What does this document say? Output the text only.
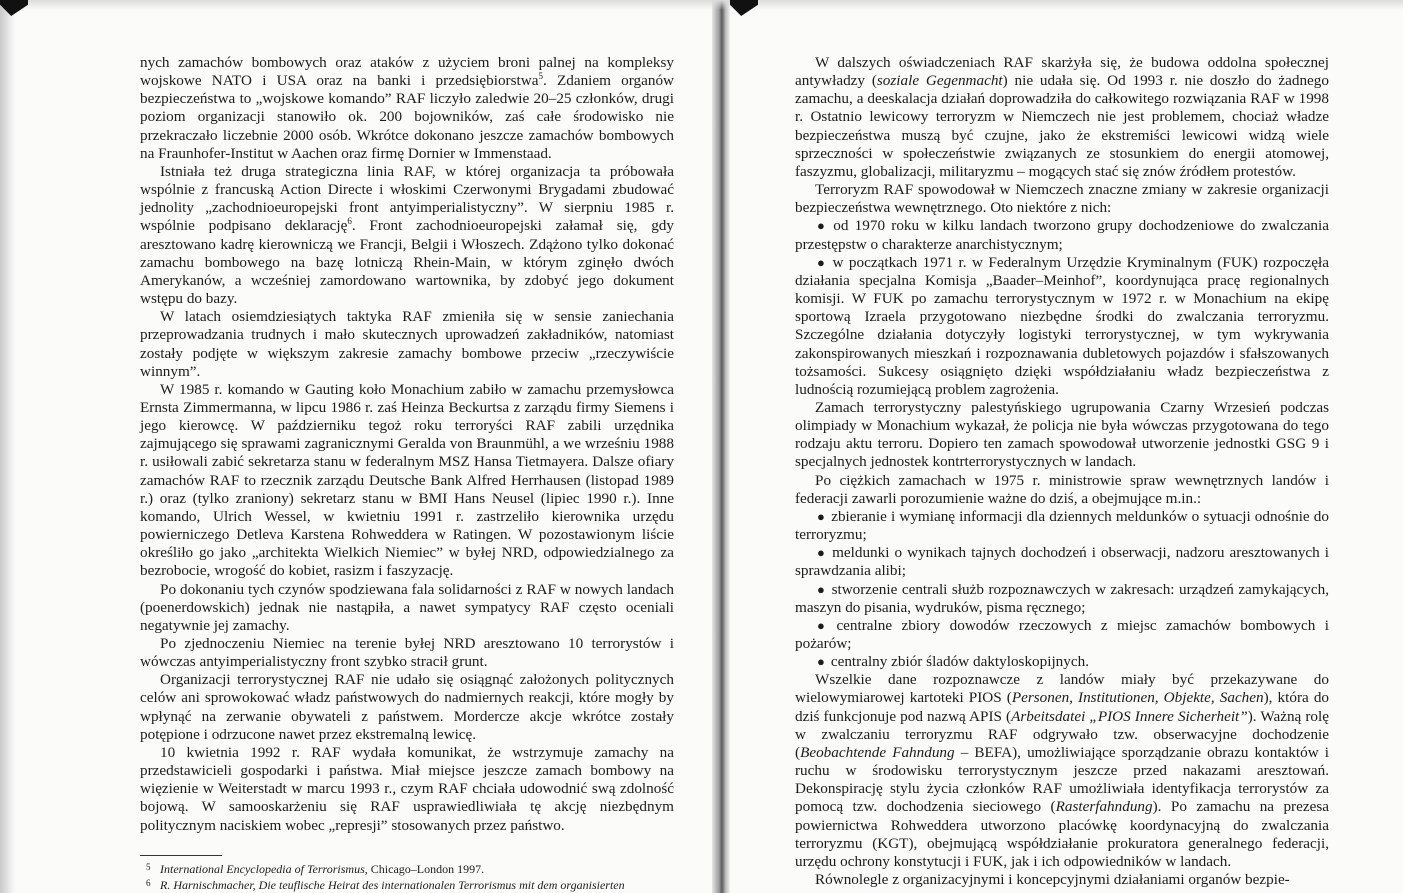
nych zamachów bombowych oraz ataków z użyciem broni palnej na kompleksy wojskowe NATO i USA oraz na banki i przedsiębiorstwa$^5$. Zdaniem organów bezpieczeństwa to „wojskowe komando” RAF liczyło zaledwie 20–25 członków, drugi poziom organizacji stanowiło ok. 200 bojowników, zaś całe środowisko nie przekraczało liczebnie 2000 osób. Wkrótce dokonano jeszcze zamachów bombowych na Fraunhofer-Institut w Aachen oraz firmę Dornier w Immenstaad.

Istniała też druga strategiczna linia RAF, w której organizacja ta próbowała wspólnie z francuską Action Directe i włoskimi Czerwonymi Brygadami zbudować jednolity „zachodnioeuropejski front antyimperialistyczny”. W sierpniu 1985 r. wspólnie podpisano deklarację$^6$. Front zachodnioeuropejski załamał się, gdy aresztowano kadrę kierowniczą we Francji, Belgii i Włoszech. Zdążono tylko dokonać zamachu bombowego na bazę lotniczą Rhein-Main, w którym zginęło dwóch Amerykanów, a wcześniej zamordowano wartownika, by zdobyć jego dokument wstępu do bazy.

W latach osiemdziesiątych taktyka RAF zmieniła się w sensie zaniechania przeprowadzania trudnych i mało skutecznych uprowadzeń zakładników, natomiast zostały podjęte w większym zakresie zamachy bombowe przeciw „rzeczywiście winnym”.

W 1985 r. komando w Gauting koło Monachium zabiło w zamachu przemysłowca Ernsta Zimmermanna, w lipcu 1986 r. zaś Heinza Beckurtsa z zarządu firmy Siemens i jego kierowcę. W październiku tegoż roku terroryści RAF zabili urzędnika zajmującego się sprawami zagranicznymi Geralda von Braunmühl, a we wrześniu 1988 r. usiłowali zabić sekretarza stanu w federalnym MSZ Hansa Tietmayera. Dalsze ofiary zamachów RAF to rzecznik zarządu Deutsche Bank Alfred Herrhausen (listopad 1989 r.) oraz (tylko zraniony) sekretarz stanu w BMI Hans Neusel (lipiec 1990 r.). Inne komando, Ulrich Wessel, w kwietniu 1991 r. zastrzeliło kierownika urzędu powierniczego Detleva Karstena Rohweddera w Ratingen. W pozostawionym liście określiło go jako „architekta Wielkich Niemiec” w byłej NRD, odpowiedzialnego za bezrobocie, wrogość do kobiet, rasizm i faszyzację.

Po dokonaniu tych czynów spodziewana fala solidarności z RAF w nowych landach (poenerdowskich) jednak nie nastąpiła, a nawet sympatycy RAF często oceniali negatywnie jej zamachy.

Po zjednoczeniu Niemiec na terenie byłej NRD aresztowano 10 terrorystów i wówczas antyimperialistyczny front szybko stracił grunt.

Organizacji terrorystycznej RAF nie udało się osiągnąć założonych politycznych celów ani sprowokować władz państwowych do nadmiernych reakcji, które mogły by wpłynąć na zerwanie obywateli z państwem. Mordercze akcje wkrótce zostały potępione i odrzucone nawet przez ekstremalną lewicę.

10 kwietnia 1992 r. RAF wydała komunikat, że wstrzymuje zamachy na przedstawicieli gospodarki i państwa. Miał miejsce jeszcze zamach bombowy na więzienie w Weiterstadt w marcu 1993 r., czym RAF chciała udowodnić swą zdolność bojową. W samooskarżeniu się RAF usprawiedliwiała tę akcję niezbędnym politycznym naciskiem wobec „represji” stosowanych przez państwo.

5 International Encyclopedia of Terrorismus, Chicago–London 1997.
6 R. Harnischmacher, Die teuflische Heirat des internationalen Terrorismus mit dem organisierten

W dalszych oświadczeniach RAF skarżyła się, że budowa oddolna społecznej antywładzy (soziale Gegenmacht) nie udała się. Od 1993 r. nie doszło do żadnego zamachu, a deeskalacja działań doprowadziła do całkowitego rozwiązania RAF w 1998 r. Ostatnio lewicowy terroryzm w Niemczech nie jest problemem, chociaż władze bezpieczeństwa muszą być czujne, jako że ekstremiści lewicowi widzą wiele sprzeczności w społeczeństwie związanych ze stosunkiem do energii atomowej, faszyzmu, globalizacji, militaryzmu – mogących stać się znów źródłem protestów.

Terroryzm RAF spowodował w Niemczech znaczne zmiany w zakresie organizacji bezpieczeństwa wewnętrznego. Oto niektóre z nich:

● od 1970 roku w kilku landach tworzono grupy dochodzeniowe do zwalczania przestępstw o charakterze anarchistycznym;

● w początkach 1971 r. w Federalnym Urzędzie Kryminalnym (FUK) rozpoczęła działania specjalna Komisja „Baader–Meinhof”, koordynująca pracę regionalnych komisji. W FUK po zamachu terrorystycznym w 1972 r. w Monachium na ekipę sportową Izraela przygotowano niezbędne środki do zwalczania terroryzmu. Szczególne działania dotyczyły logistyki terrorystycznej, w tym wykrywania zakonspirowanych mieszkań i rozpoznawania dubletowych pojazdów i sfałszowanych tożsamości. Sukcesy osiągnięto dzięki współdziałaniu władz bezpieczeństwa z ludnością rozumiejącą problem zagrożenia.

Zamach terrorystyczny palestyńskiego ugrupowania Czarny Wrzesień podczas olimpiady w Monachium wykazał, że policja nie była wówczas przygotowana do tego rodzaju aktu terroru. Dopiero ten zamach spowodował utworzenie jednostki GSG 9 i specjalnych jednostek kontrterrorystycznych w landach.

Po ciężkich zamachach w 1975 r. ministrowie spraw wewnętrznych landów i federacji zawarli porozumienie ważne do dziś, a obejmujące m.in.:

● zbieranie i wymianę informacji dla dziennych meldunków o sytuacji odnośnie do terroryzmu;

● meldunki o wynikach tajnych dochodzeń i obserwacji, nadzoru aresztowanych i sprawdzania alibi;

● stworzenie centrali służb rozpoznawczych w zakresach: urządzeń zamykających, maszyn do pisania, wydruków, pisma ręcznego;

● centralne zbiory dowodów rzeczowych z miejsc zamachów bombowych i pożarów;

● centralny zbiór śladów daktyloskopijnych.

Wszelkie dane rozpoznawcze z landów miały być przekazywane do wielowymiarowej kartoteki PIOS (Personen, Institutionen, Objekte, Sachen), która do dziś funkcjonuje pod nazwą APIS (Arbeitsdatei „PIOS Innere Sicherheit”). Ważną rolę w zwalczaniu terroryzmu RAF odgrywało tzw. obserwacyjne dochodzenie (Beobachtende Fahndung – BEFA), umożliwiające sporządzanie obrazu kontaktów i ruchu w środowisku terrorystycznym jeszcze przed nakazami aresztowań. Dekonspirację stylu życia członków RAF umożliwiała identyfikacja terrorystów za pomocą tzw. dochodzenia sieciowego (Rasterfahndung). Po zamachu na prezesa powiernictwa Rohweddera utworzono placówkę koordynacyjną do zwalczania terroryzmu (KGT), obejmującą współdziałanie prokuratora generalnego federacji, urzędu ochrony konstytucji i FUK, jak i ich odpowiedników w landach.

Równolegle z organizacyjnymi i koncepcyjnymi działaniami organów bezpie-
